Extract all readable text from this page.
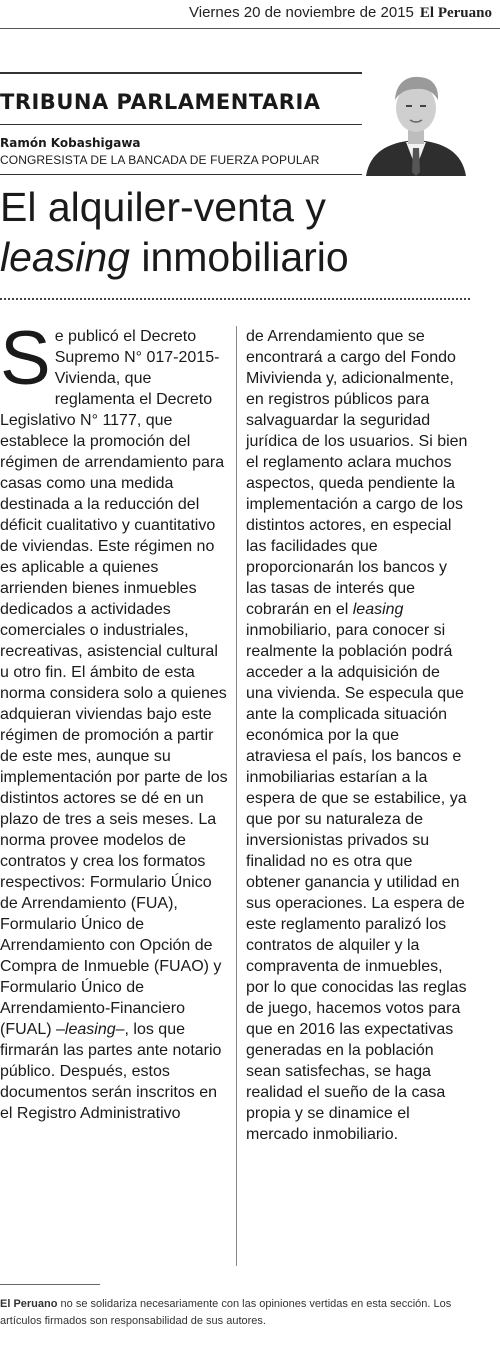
Viernes 20 de noviembre de 2015 El Peruano
TRIBUNA PARLAMENTARIA
Ramón Kobashigawa
CONGRESISTA DE LA BANCADA DE FUERZA POPULAR
El alquiler-venta y
leasing inmobiliario

Se publicó el Decreto Supremo N° 017-2015-Vivienda, que reglamenta el Decreto Legislativo N° 1177, que establece la promoción del régimen de arrendamiento para casas como una medida destinada a la reducción del déficit cualitativo y cuantitativo de viviendas. Este régimen no es aplicable a quienes arrienden bienes inmuebles dedicados a actividades comerciales o industriales, recreativas, asistencial cultural u otro fin. El ámbito de esta norma considera solo a quienes adquieran viviendas bajo este régimen de promoción a partir de este mes, aunque su implementación por parte de los distintos actores se dé en un plazo de tres a seis meses. La norma provee modelos de contratos y crea los formatos respectivos: Formulario Único de Arrendamiento (FUA), Formulario Único de Arrendamiento con Opción de Compra de Inmueble (FUAO) y Formulario Único de Arrendamiento-Financiero (FUAL) –leasing–, los que firmarán las partes ante notario público. Después, estos documentos serán inscritos en el Registro Administrativo

de Arrendamiento que se encontrará a cargo del Fondo Mivivienda y, adicionalmente, en registros públicos para salvaguardar la seguridad jurídica de los usuarios. Si bien el reglamento aclara muchos aspectos, queda pendiente la implementación a cargo de los distintos actores, en especial las facilidades que proporcionarán los bancos y las tasas de interés que cobrarán en el leasing inmobiliario, para conocer si realmente la población podrá acceder a la adquisición de una vivienda. Se especula que ante la complicada situación económica por la que atraviesa el país, los bancos e inmobiliarias estarían a la espera de que se estabilice, ya que por su naturaleza de inversionistas privados su finalidad no es otra que obtener ganancia y utilidad en sus operaciones. La espera de este reglamento paralizó los contratos de alquiler y la compraventa de inmuebles, por lo que conocidas las reglas de juego, hacemos votos para que en 2016 las expectativas generadas en la población sean satisfechas, se haga realidad el sueño de la casa propia y se dinamice el mercado inmobiliario.

El Peruano no se solidariza necesariamente con las opiniones vertidas en esta sección. Los artículos firmados son responsabilidad de sus autores.
